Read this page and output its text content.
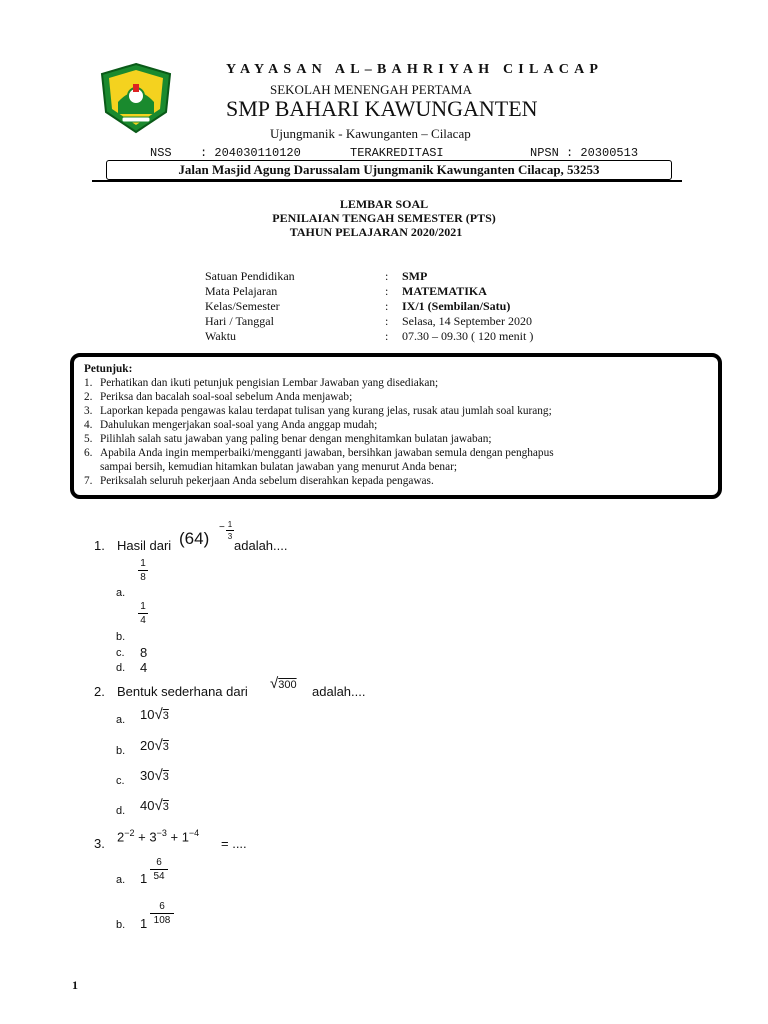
YAYASAN AL–BAHRIYAH CILACAP
SEKOLAH MENENGAH PERTAMA
SMP BAHARI KAWUNGANTEN
Ujungmanik - Kawunganten – Cilacap
NSS : 204030110120	TERAKREDITASI	NPSN : 20300513
Jalan Masjid Agung Darussalam Ujungmanik Kawunganten Cilacap, 53253
LEMBAR SOAL
PENILAIAN TENGAH SEMESTER (PTS)
TAHUN PELAJARAN 2020/2021
Satuan Pendidikan	: SMP
Mata Pelajaran	: MATEMATIKA
Kelas/Semester	: IX/1 (Sembilan/Satu)
Hari / Tanggal	: Selasa, 14 September 2020
Waktu	: 07.30 – 09.30 ( 120 menit )
Petunjuk:
1. Perhatikan dan ikuti petunjuk pengisian Lembar Jawaban yang disediakan;
2. Periksa dan bacalah soal-soal sebelum Anda menjawab;
3. Laporkan kepada pengawas kalau terdapat tulisan yang kurang jelas, rusak atau jumlah soal kurang;
4. Dahulukan mengerjakan soal-soal yang Anda anggap mudah;
5. Pilihlah salah satu jawaban yang paling benar dengan menghitamkan bulatan jawaban;
6. Apabila Anda ingin memperbaiki/mengganti jawaban, bersihkan jawaban semula dengan penghapus
sampai bersih, kemudian hitamkan bulatan jawaban yang menurut Anda benar;
7. Periksalah seluruh pekerjaan Anda sebelum diserahkan kepada pengawas.
1. Hasil dari (64)
− 1
3
adalah....
1
8
a.
1
4
b.
c. 8
d. 4
2. Bentuk sederhana dari √300 adalah....
a. 10√3
b. 20√3
c. 30√3
d. 40√3
3. $2^{-2} + 3^{-3} + 1^{-4}$
= ....
a. 1
6
54
b. 1
6
108
1
